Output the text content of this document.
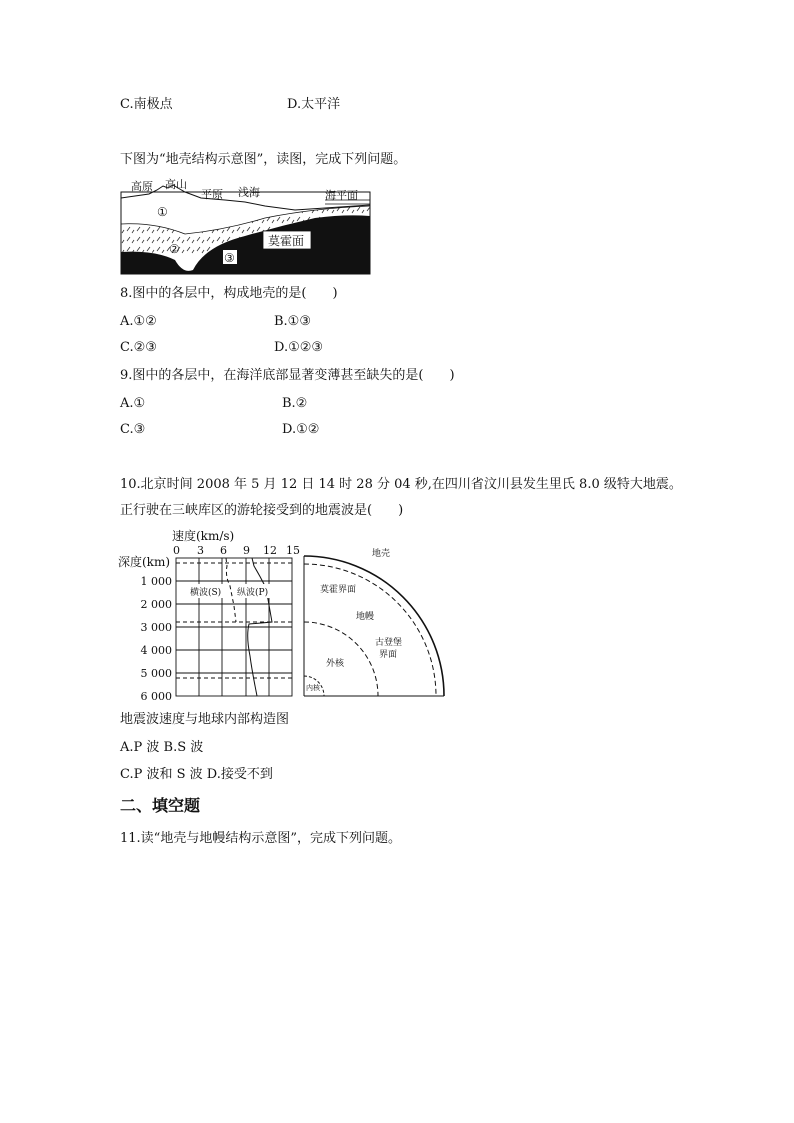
C.南极点	D.太平洋
下图为“地壳结构示意图”，读图，完成下列问题。
高原 高山
平原 浅海	海平面
①
②
③
莫霍面
8.图中的各层中，构成地壳的是(　　)
A.①②	B.①③
C.②③	D.①②③
9.图中的各层中，在海洋底部显著变薄甚至缺失的是(　　)
A.①	B.②
C.③	D.①②
10.北京时间 2008 年 5 月 12 日 14 时 28 分 04 秒,在四川省汶川县发生里氏 8.0 级特大地震。
正行驶在三峡库区的游轮接受到的地震波是(　　)
速度(km/s)
0 3 6 9 12 15
深度(km)
1 000
2 000
3 000
4 000
5 000
6 000
横波(S) 纵波(P)
地壳
莫霍界面
地幔
古登堡
界面
外核
内核
地震波速度与地球内部构造图
A.P 波 B.S 波
C.P 波和 S 波 D.接受不到
二、填空题
11.读“地壳与地幔结构示意图”，完成下列问题。
